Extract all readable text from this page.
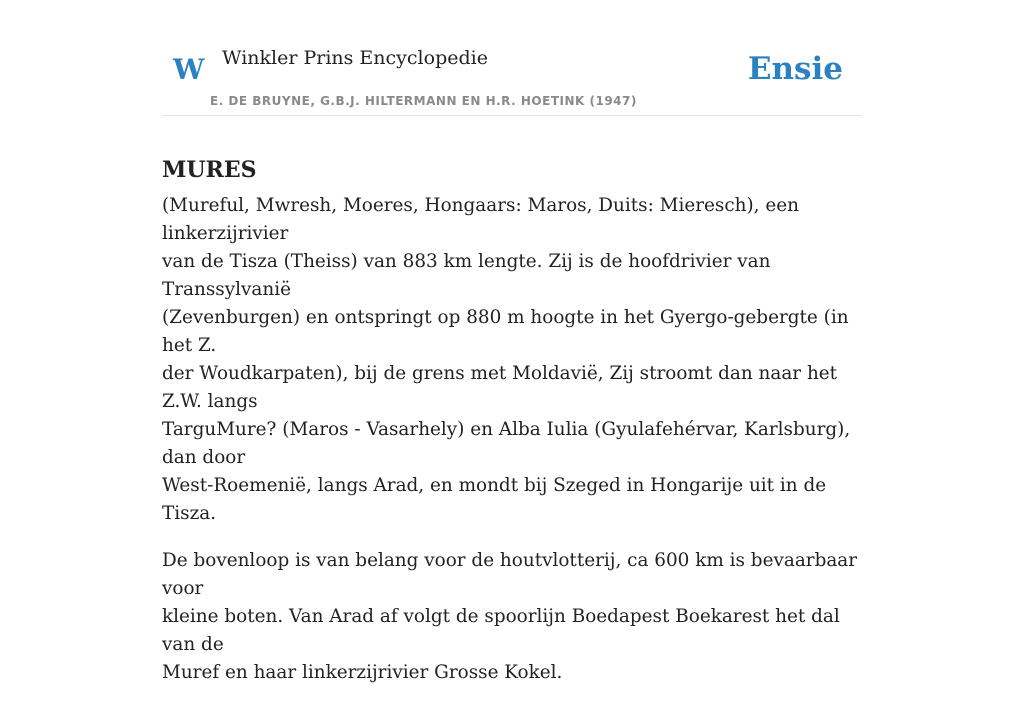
W Winkler Prins Encyclopedie	Ensie
E. DE BRUYNE, G.B.J. HILTERMANN EN H.R. HOETINK (1947)
MURES

(Mureful, Mwresh, Moeres, Hongaars: Maros, Duits: Mieresch), een linkerzijrivier
van de Tisza (Theiss) van 883 km lengte. Zij is de hoofdrivier van Transsylvanië
(Zevenburgen) en ontspringt op 880 m hoogte in het Gyergo-gebergte (in het Z.
der Woudkarpaten), bij de grens met Moldavië, Zij stroomt dan naar het Z.W. langs
TarguMure? (Maros - Vasarhely) en Alba Iulia (Gyulafehérvar, Karlsburg), dan door
West-Roemenië, langs Arad, en mondt bij Szeged in Hongarije uit in de Tisza.

De bovenloop is van belang voor de houtvlotterij, ca 600 km is bevaarbaar voor
kleine boten. Van Arad af volgt de spoorlijn Boedapest Boekarest het dal van de
Muref en haar linkerzijrivier Grosse Kokel.
